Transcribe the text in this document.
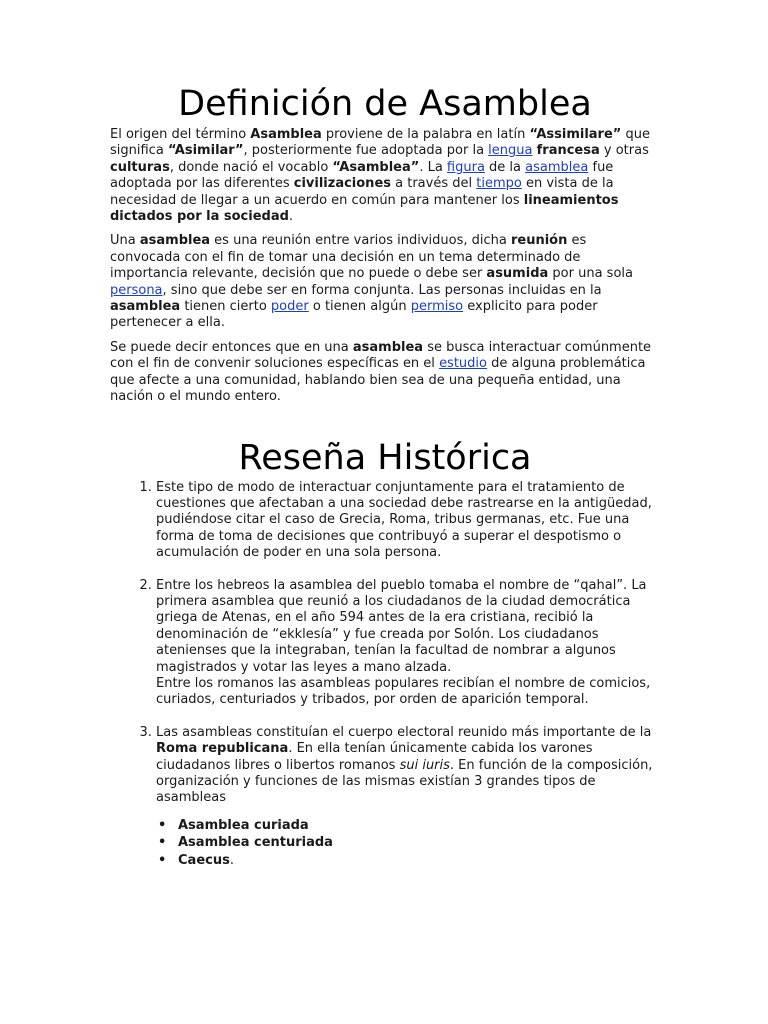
Definición de Asamblea

El origen del término Asamblea proviene de la palabra en latín “Assimilare” que significa “Asimilar”, posteriormente fue adoptada por la lengua francesa y otras culturas, donde nació el vocablo “Asamblea”. La figura de la asamblea fue adoptada por las diferentes civilizaciones a través del tiempo en vista de la necesidad de llegar a un acuerdo en común para mantener los lineamientos dictados por la sociedad.

Una asamblea es una reunión entre varios individuos, dicha reunión es convocada con el fin de tomar una decisión en un tema determinado de importancia relevante, decisión que no puede o debe ser asumida por una sola persona, sino que debe ser en forma conjunta. Las personas incluidas en la asamblea tienen cierto poder o tienen algún permiso explicito para poder pertenecer a ella.

Se puede decir entonces que en una asamblea se busca interactuar comúnmente con el fin de convenir soluciones específicas en el estudio de alguna problemática que afecte a una comunidad, hablando bien sea de una pequeña entidad, una nación o el mundo entero.

Reseña Histórica

1. Este tipo de modo de interactuar conjuntamente para el tratamiento de cuestiones que afectaban a una sociedad debe rastrearse en la antigüedad, pudiéndose citar el caso de Grecia, Roma, tribus germanas, etc. Fue una forma de toma de decisiones que contribuyó a superar el despotismo o acumulación de poder en una sola persona.

2. Entre los hebreos la asamblea del pueblo tomaba el nombre de “qahal”. La primera asamblea que reunió a los ciudadanos de la ciudad democrática griega de Atenas, en el año 594 antes de la era cristiana, recibió la denominación de “ekklesía” y fue creada por Solón. Los ciudadanos atenienses que la integraban, tenían la facultad de nombrar a algunos magistrados y votar las leyes a mano alzada.

Entre los romanos las asambleas populares recibían el nombre de comicios, curiados, centuriados y tribados, por orden de aparición temporal.

3. Las asambleas constituían el cuerpo electoral reunido más importante de la Roma republicana. En ella tenían únicamente cabida los varones ciudadanos libres o libertos romanos sui iuris. En función de la composición, organización y funciones de las mismas existían 3 grandes tipos de asambleas

• Asamblea curiada
• Asamblea centuriada
• Caecus.
